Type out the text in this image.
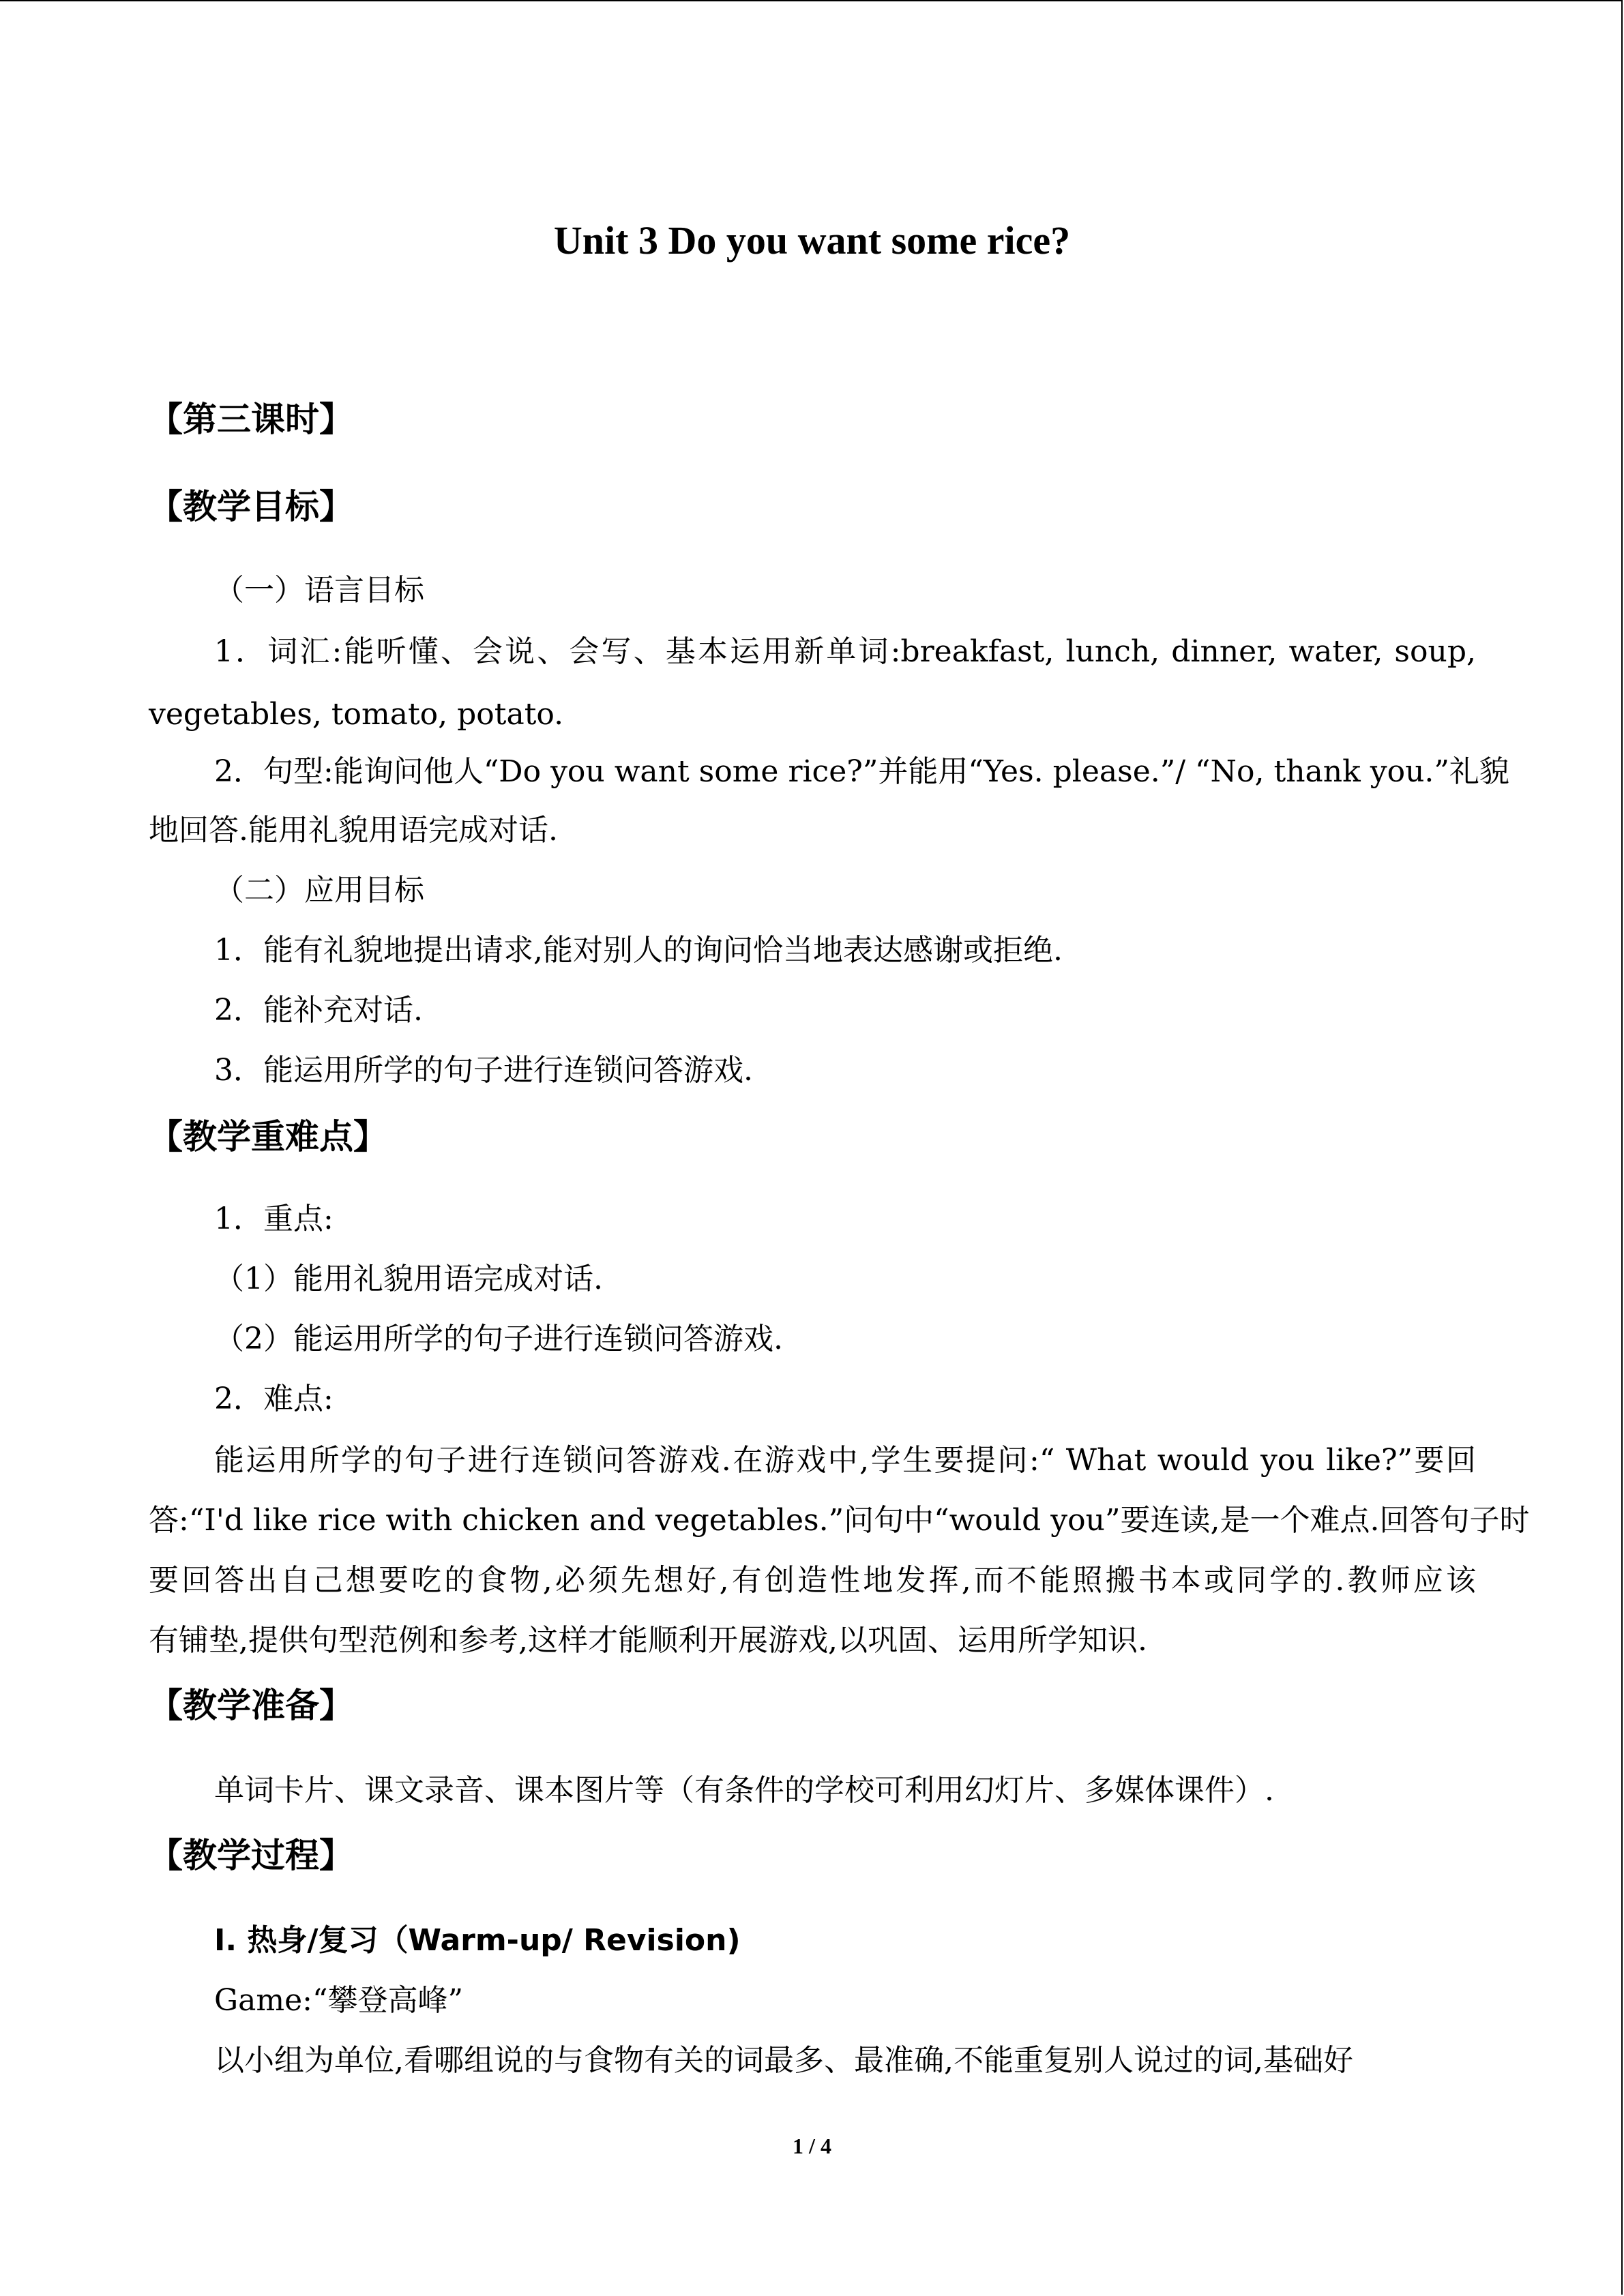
Unit 3 Do you want some rice?
【第三课时】
【教学目标】

（一）语言目标

1．词汇:能听懂、会说、会写、基本运用新单词:breakfast, lunch, dinner, water, soup,

vegetables, tomato, potato.

2．句型:能询问他人“Do you want some rice?”并能用“Yes. please.”/ “No, thank you.”礼貌

地回答.能用礼貌用语完成对话.

（二）应用目标

1．能有礼貌地提出请求,能对别人的询问恰当地表达感谢或拒绝.

2．能补充对话.

3．能运用所学的句子进行连锁问答游戏.

【教学重难点】

1．重点:

（1）能用礼貌用语完成对话.

（2）能运用所学的句子进行连锁问答游戏.

2．难点:

能运用所学的句子进行连锁问答游戏.在游戏中,学生要提问:“ What would you like?”要回

答:“I'd like rice with chicken and vegetables.”问句中“would you”要连读,是一个难点.回答句子时

要回答出自己想要吃的食物,必须先想好,有创造性地发挥,而不能照搬书本或同学的.教师应该

有铺垫,提供句型范例和参考,这样才能顺利开展游戏,以巩固、运用所学知识.

【教学准备】

单词卡片、课文录音、课本图片等（有条件的学校可利用幻灯片、多媒体课件）.

【教学过程】

I. 热身/复习（Warm-up/ Revision)

Game:“攀登高峰”

以小组为单位,看哪组说的与食物有关的词最多、最准确,不能重复别人说过的词,基础好

1 / 4
